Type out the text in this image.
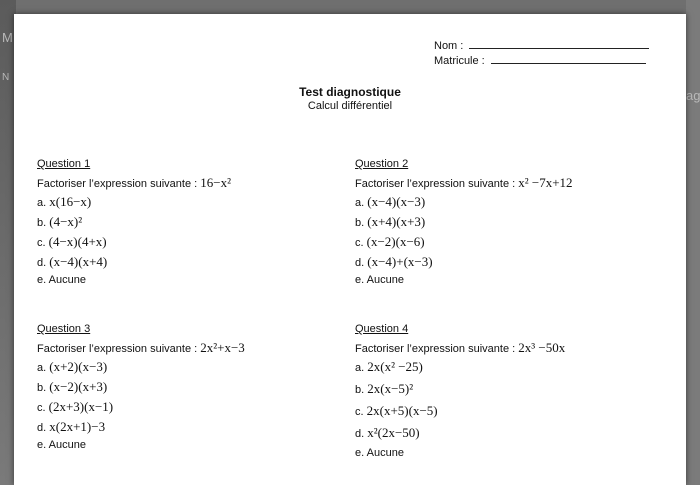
M
N
ag
Nom :
Matricule :
Test diagnostique
Calcul différentiel
Question 1
Factoriser l’expression suivante : 16−x²
a. x(16−x)
b. (4−x)²
c. (4−x)(4+x)
d. (x−4)(x+4)
e. Aucune
Question 2
Factoriser l’expression suivante : x² −7x+12
a. (x−4)(x−3)
b. (x+4)(x+3)
c. (x−2)(x−6)
d. (x−4)+(x−3)
e. Aucune
Question 3
Factoriser l’expression suivante : 2x²+x−3
a. (x+2)(x−3)
b. (x−2)(x+3)
c. (2x+3)(x−1)
d. x(2x+1)−3
e. Aucune
Question 4
Factoriser l’expression suivante : 2x³ −50x
a. 2x(x² −25)
b. 2x(x−5)²
c. 2x(x+5)(x−5)
d. x²(2x−50)
e. Aucune
